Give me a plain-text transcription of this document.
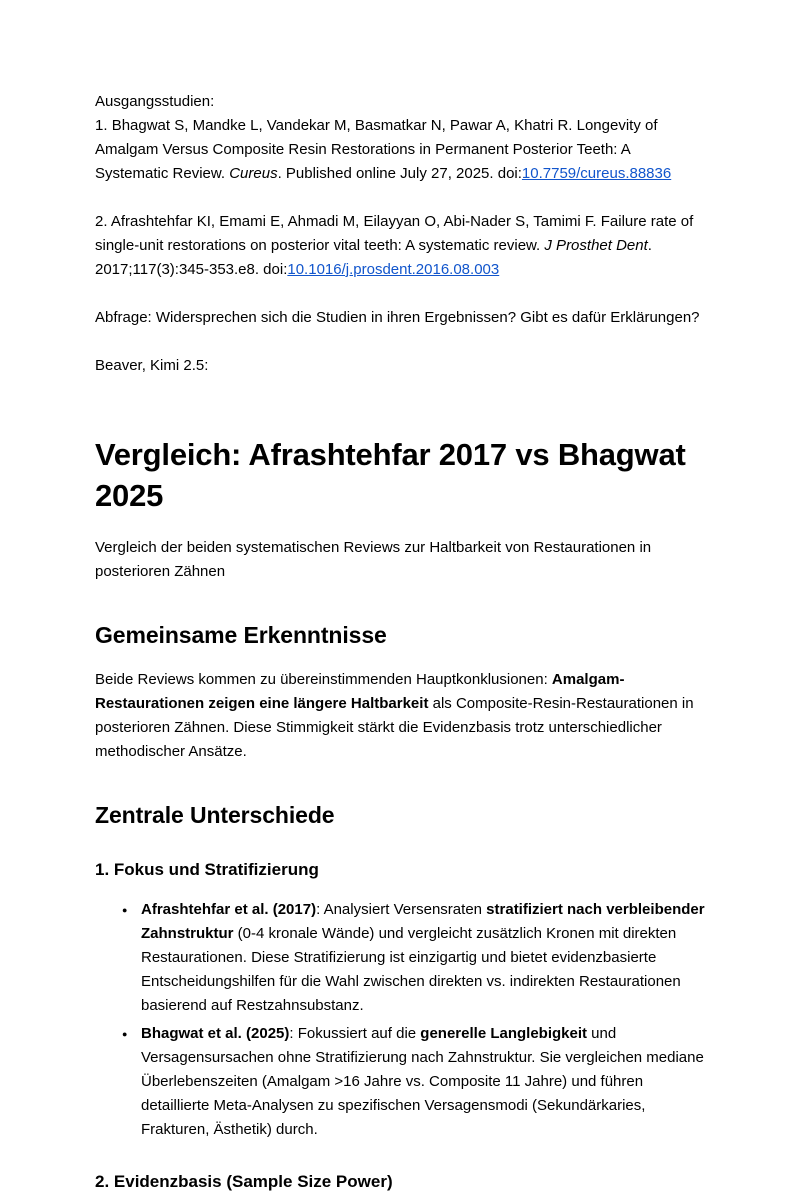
Ausgangsstudien:
1. Bhagwat S, Mandke L, Vandekar M, Basmatkar N, Pawar A, Khatri R. Longevity of Amalgam Versus Composite Resin Restorations in Permanent Posterior Teeth: A Systematic Review. Cureus. Published online July 27, 2025. doi:10.7759/cureus.88836
2. Afrashtehfar KI, Emami E, Ahmadi M, Eilayyan O, Abi-Nader S, Tamimi F. Failure rate of single-unit restorations on posterior vital teeth: A systematic review. J Prosthet Dent. 2017;117(3):345-353.e8. doi:10.1016/j.prosdent.2016.08.003
Abfrage: Widersprechen sich die Studien in ihren Ergebnissen? Gibt es dafür Erklärungen?
Beaver, Kimi 2.5:
Vergleich: Afrashtehfar 2017 vs Bhagwat 2025

Vergleich der beiden systematischen Reviews zur Haltbarkeit von Restaurationen in posterioren Zähnen

Gemeinsame Erkenntnisse

Beide Reviews kommen zu übereinstimmenden Hauptkonklusionen: Amalgam-Restaurationen zeigen eine längere Haltbarkeit als Composite-Resin-Restaurationen in posterioren Zähnen. Diese Stimmigkeit stärkt die Evidenzbasis trotz unterschiedlicher methodischer Ansätze.

Zentrale Unterschiede
1. Fokus und Stratifizierung
● Afrashtehfar et al. (2017): Analysiert Versensraten stratifiziert nach verbleibender Zahnstruktur (0-4 kronale Wände) und vergleicht zusätzlich Kronen mit direkten Restaurationen. Diese Stratifizierung ist einzigartig und bietet evidenzbasierte Entscheidungshilfen für die Wahl zwischen direkten vs. indirekten Restaurationen basierend auf Restzahnsubstanz.
● Bhagwat et al. (2025): Fokussiert auf die generelle Langlebigkeit und Versagensursachen ohne Stratifizierung nach Zahnstruktur. Sie vergleichen mediane Überlebenszeiten (Amalgam >16 Jahre vs. Composite 11 Jahre) und führen detaillierte Meta-Analysen zu spezifischen Versagensmodi (Sekundärkaries, Frakturen, Ästhetik) durch.
2. Evidenzbasis (Sample Size Power)
